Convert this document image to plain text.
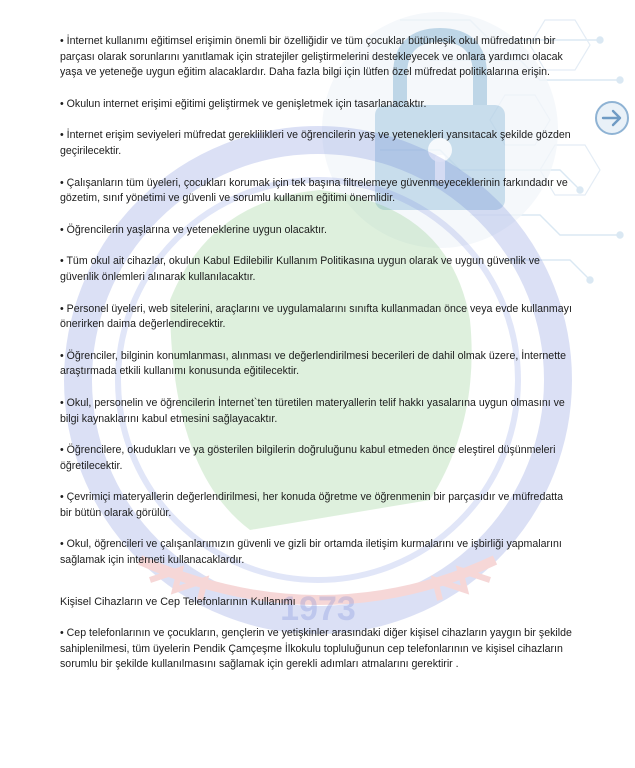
1973

• İnternet kullanımı eğitimsel erişimin önemli bir özelliğidir ve tüm çocuklar bütünleşik okul müfredatının bir parçası olarak sorunlarını yanıtlamak için stratejiler geliştirmelerini destekleyecek ve onlara yardımcı olacak yaşa ve yeteneğe uygun eğitim alacaklardır. Daha fazla bilgi için lütfen özel müfredat politikalarına erişin.

• Okulun internet erişimi eğitimi geliştirmek ve genişletmek için tasarlanacaktır.

• İnternet erişim seviyeleri müfredat gereklilikleri ve öğrencilerin yaş ve yetenekleri yansıtacak şekilde gözden geçirilecektir.

• Çalışanların tüm üyeleri, çocukları korumak için tek başına filtrelemeye güvenmeyeceklerinin farkındadır ve gözetim, sınıf yönetimi ve güvenli ve sorumlu kullanım eğitimi önemlidir.

• Öğrencilerin yaşlarına ve yeteneklerine uygun olacaktır.

• Tüm okul ait cihazlar, okulun Kabul Edilebilir Kullanım Politikasına uygun olarak ve uygun güvenlik ve güvenlik önlemleri alınarak kullanılacaktır.

• Personel üyeleri, web sitelerini, araçlarını ve uygulamalarını sınıfta kullanmadan önce veya evde kullanmayı önerirken daima değerlendirecektir.

• Öğrenciler, bilginin konumlanması, alınması ve değerlendirilmesi becerileri de dahil olmak üzere, İnternette araştırmada etkili kullanımı konusunda eğitilecektir.

• Okul, personelin ve öğrencilerin İnternet`ten türetilen materyallerin telif hakkı yasalarına uygun olmasını ve bilgi kaynaklarını kabul etmesini sağlayacaktır.

• Öğrencilere, okudukları ve ya gösterilen bilgilerin doğruluğunu kabul etmeden önce eleştirel düşünmeleri öğretilecektir.

• Çevrimiçi materyallerin değerlendirilmesi, her konuda öğretme ve öğrenmenin bir parçasıdır ve müfredatta bir bütün olarak görülür.

• Okul, öğrencileri ve çalışanlarımızın güvenli ve gizli bir ortamda iletişim kurmalarını ve işbirliği yapmalarını sağlamak için interneti kullanacaklardır.

Kişisel Cihazların ve Cep Telefonlarının Kullanımı

• Cep telefonlarının ve çocukların, gençlerin ve yetişkinler arasındaki diğer kişisel cihazların yaygın bir şekilde sahiplenilmesi, tüm üyelerin Pendik Çamçeşme İlkokulu topluluğunun cep telefonlarının ve kişisel cihazların sorumlu bir şekilde kullanılmasını sağlamak için gerekli adımları atmalarını gerektirir .
